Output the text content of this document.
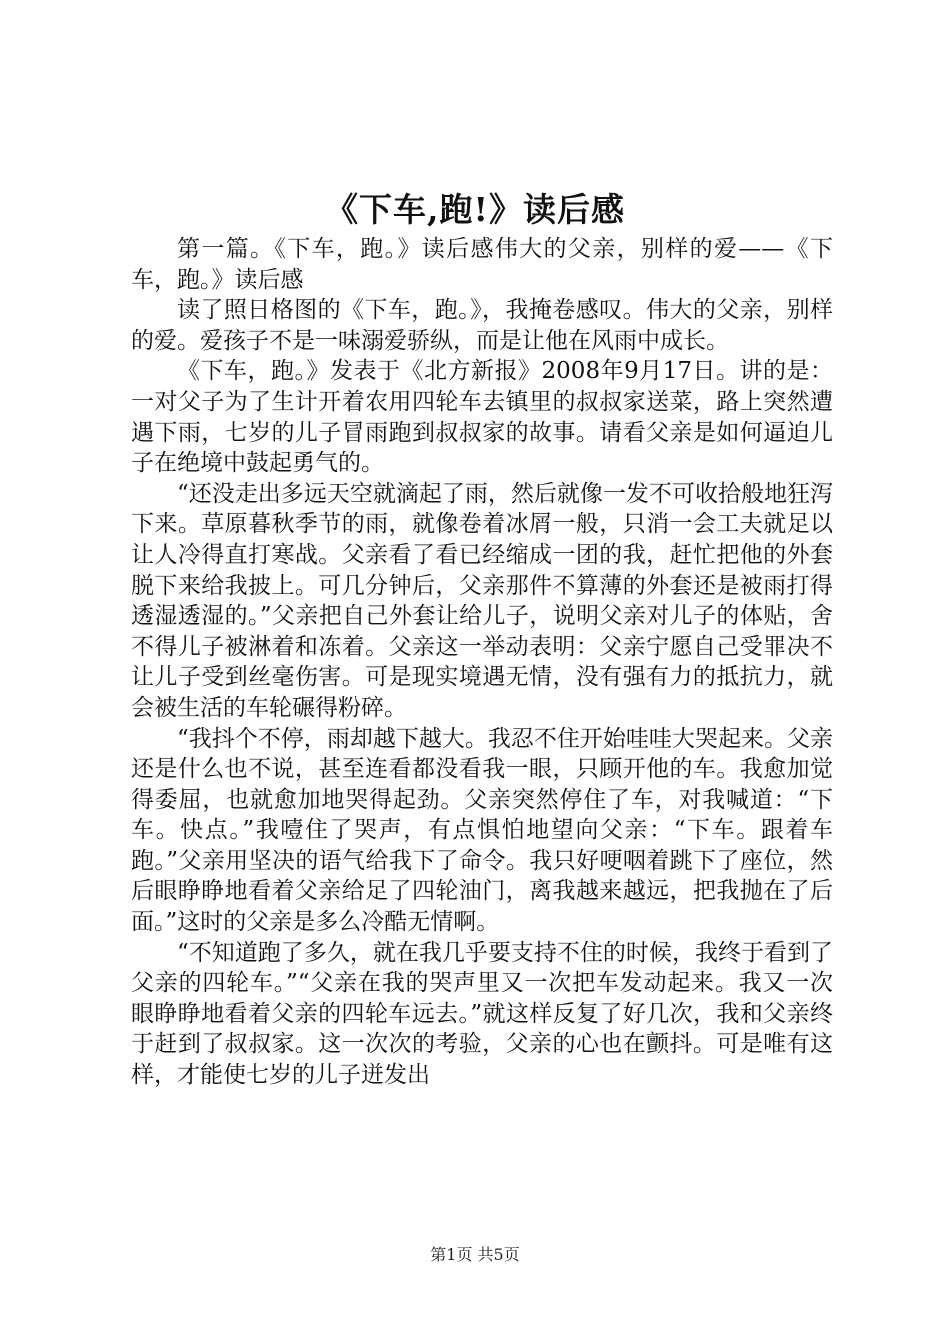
《下车,跑!》读后感

第一篇。《下车，跑。》读后感伟大的父亲，别样的爱——《下车，跑。》读后感

读了照日格图的《下车，跑。》，我掩卷感叹。伟大的父亲，别样的爱。爱孩子不是一味溺爱骄纵，而是让他在风雨中成长。

《下车，跑。》发表于《北方新报》2008年9月17日。讲的是：一对父子为了生计开着农用四轮车去镇里的叔叔家送菜，路上突然遭遇下雨，七岁的儿子冒雨跑到叔叔家的故事。请看父亲是如何逼迫儿子在绝境中鼓起勇气的。

“还没走出多远天空就滴起了雨，然后就像一发不可收拾般地狂泻下来。草原暮秋季节的雨，就像卷着冰屑一般，只消一会工夫就足以让人冷得直打寒战。父亲看了看已经缩成一团的我，赶忙把他的外套脱下来给我披上。可几分钟后，父亲那件不算薄的外套还是被雨打得透湿透湿的。”父亲把自己外套让给儿子，说明父亲对儿子的体贴，舍不得儿子被淋着和冻着。父亲这一举动表明：父亲宁愿自己受罪决不让儿子受到丝毫伤害。可是现实境遇无情，没有强有力的抵抗力，就会被生活的车轮碾得粉碎。

“我抖个不停，雨却越下越大。我忍不住开始哇哇大哭起来。父亲还是什么也不说，甚至连看都没看我一眼，只顾开他的车。我愈加觉得委屈，也就愈加地哭得起劲。父亲突然停住了车，对我喊道：“下车。快点。”我噎住了哭声，有点惧怕地望向父亲：“下车。跟着车跑。”父亲用坚决的语气给我下了命令。我只好哽咽着跳下了座位，然后眼睁睁地看着父亲给足了四轮油门，离我越来越远，把我抛在了后面。”这时的父亲是多么冷酷无情啊。

“不知道跑了多久，就在我几乎要支持不住的时候，我终于看到了父亲的四轮车。”“父亲在我的哭声里又一次把车发动起来。我又一次眼睁睁地看着父亲的四轮车远去。”就这样反复了好几次，我和父亲终于赶到了叔叔家。这一次次的考验，父亲的心也在颤抖。可是唯有这样，才能使七岁的儿子迸发出

第1页 共5页
